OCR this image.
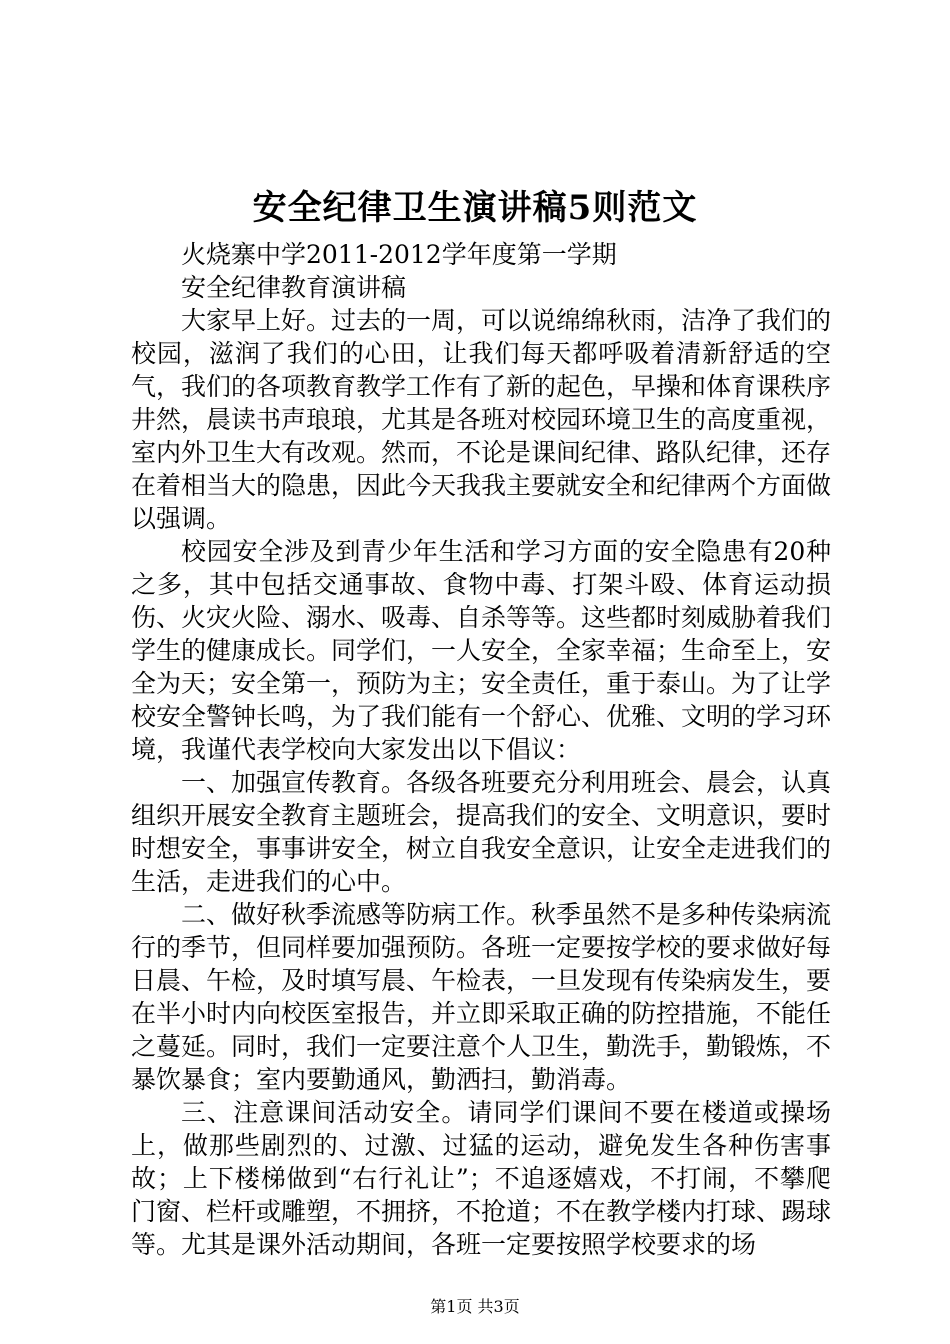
安全纪律卫生演讲稿5则范文

火烧寨中学2011-2012学年度第一学期

安全纪律教育演讲稿

大家早上好。过去的一周，可以说绵绵秋雨，洁净了我们的校园，滋润了我们的心田，让我们每天都呼吸着清新舒适的空气，我们的各项教育教学工作有了新的起色，早操和体育课秩序井然，晨读书声琅琅，尤其是各班对校园环境卫生的高度重视，室内外卫生大有改观。然而，不论是课间纪律、路队纪律，还存在着相当大的隐患，因此今天我我主要就安全和纪律两个方面做以强调。

校园安全涉及到青少年生活和学习方面的安全隐患有20种之多，其中包括交通事故、食物中毒、打架斗殴、体育运动损伤、火灾火险、溺水、吸毒、自杀等等。这些都时刻威胁着我们学生的健康成长。同学们，一人安全，全家幸福；生命至上，安全为天；安全第一，预防为主；安全责任，重于泰山。为了让学校安全警钟长鸣，为了我们能有一个舒心、优雅、文明的学习环境，我谨代表学校向大家发出以下倡议：

一、加强宣传教育。各级各班要充分利用班会、晨会，认真组织开展安全教育主题班会，提高我们的安全、文明意识，要时时想安全，事事讲安全，树立自我安全意识，让安全走进我们的生活，走进我们的心中。

二、做好秋季流感等防病工作。秋季虽然不是多种传染病流行的季节，但同样要加强预防。各班一定要按学校的要求做好每日晨、午检，及时填写晨、午检表，一旦发现有传染病发生，要在半小时内向校医室报告，并立即采取正确的防控措施，不能任之蔓延。同时，我们一定要注意个人卫生，勤洗手，勤锻炼，不暴饮暴食；室内要勤通风，勤洒扫，勤消毒。

三、注意课间活动安全。请同学们课间不要在楼道或操场上，做那些剧烈的、过激、过猛的运动，避免发生各种伤害事故；上下楼梯做到“右行礼让”；不追逐嬉戏，不打闹，不攀爬门窗、栏杆或雕塑，不拥挤，不抢道；不在教学楼内打球、踢球等。尤其是课外活动期间，各班一定要按照学校要求的场

第1页 共3页
